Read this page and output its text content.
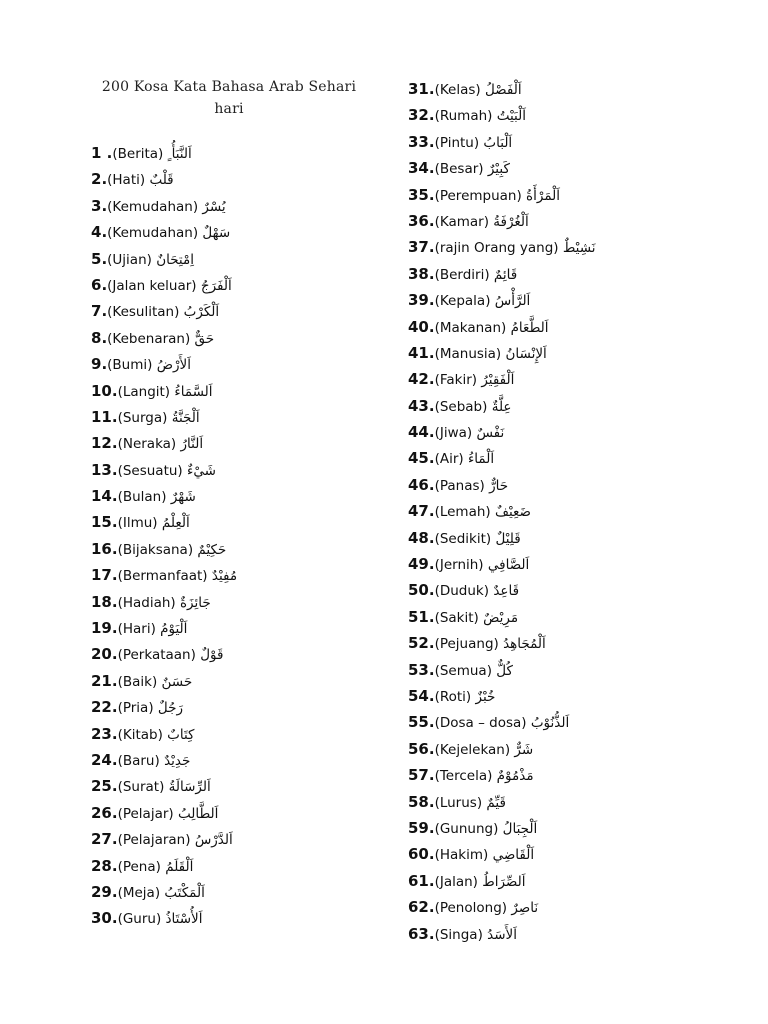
200 Kosa Kata Bahasa Arab Sehari
hari
1 .(Berita) اَلنَّبَأُ ٍ
2.(Hati) قَلْبٌ
3.(Kemudahan) يُسْرٌ
4.(Kemudahan) سَهْلٌ
5.(Ujian) اِمْتِحَانٌ
6.(Jalan keluar) اَلْفَرَجُ
7.(Kesulitan) اَلْكَرْبُ
8.(Kebenaran) حَقٌّ
9.(Bumi) اَلأَرْضُ
10.(Langit) اَلسَّمَاءُ
11.(Surga) اَلْجَنَّةُ
12.(Neraka) اَلنَّارُ
13.(Sesuatu) شَيْءٌ
14.(Bulan) شَهْرٌ
15.(Ilmu) اَلْعِلْمُ
16.(Bijaksana) حَكِيْمٌ
17.(Bermanfaat) مُفِيْدٌ
18.(Hadiah) جَائِزَةٌ
19.(Hari) اَلْيَوْمُ
20.(Perkataan) قَوْلٌ
21.(Baik) حَسَنٌ
22.(Pria) رَجُلٌ
23.(Kitab) كِتَابٌ
24.(Baru) جَدِيْدٌ
25.(Surat) اَلرِّسَالَةُ
26.(Pelajar) اَلطَّالِبُ
27.(Pelajaran) اَلدَّرْسُ
28.(Pena) اَلْقَلَمُ
29.(Meja) اَلْمَكْتَبُ
30.(Guru) اَلأُسْتَاذُ
31.(Kelas) اَلْفَصْلُ
32.(Rumah) اَلْبَيْتُ
33.(Pintu) اَلْبَابُ
34.(Besar) كَبِيْرٌ
35.(Perempuan) اَلْمَرْأَةُ
36.(Kamar) اَلْغُرْفَةُ
37.(rajin Orang yang) نَشِيْطٌ
38.(Berdiri) قَائِمٌ
39.(Kepala) اَلرَّأْسُ
40.(Makanan) اَلطَّعَامُ
41.(Manusia) اَلإِنْسَانُ
42.(Fakir) اَلْفَقِيْرُ
43.(Sebab) عِلَّةٌ
44.(Jiwa) نَفْسٌ
45.(Air) اَلْمَاءُ
46.(Panas) حَارٌّ
47.(Lemah) ضَعِيْفٌ
48.(Sedikit) قَلِيْلٌ
49.(Jernih) اَلصَّافِي
50.(Duduk) قَاعِدٌ
51.(Sakit) مَرِيْضٌ
52.(Pejuang) اَلْمُجَاهِدُ
53.(Semua) كُلٌّ
54.(Roti) خُبْزٌ
55.(Dosa – dosa) اَلذُّنُوْبُ
56.(Kejelekan) شَرٌّ
57.(Tercela) مَذْمُوْمٌ
58.(Lurus) قَيِّمٌ
59.(Gunung) اَلْجِبَالُ
60.(Hakim) اَلْقَاضِي
61.(Jalan) اَلصِّرَاطُ
62.(Penolong) نَاصِرٌ
63.(Singa) اَلأَسَدُ
